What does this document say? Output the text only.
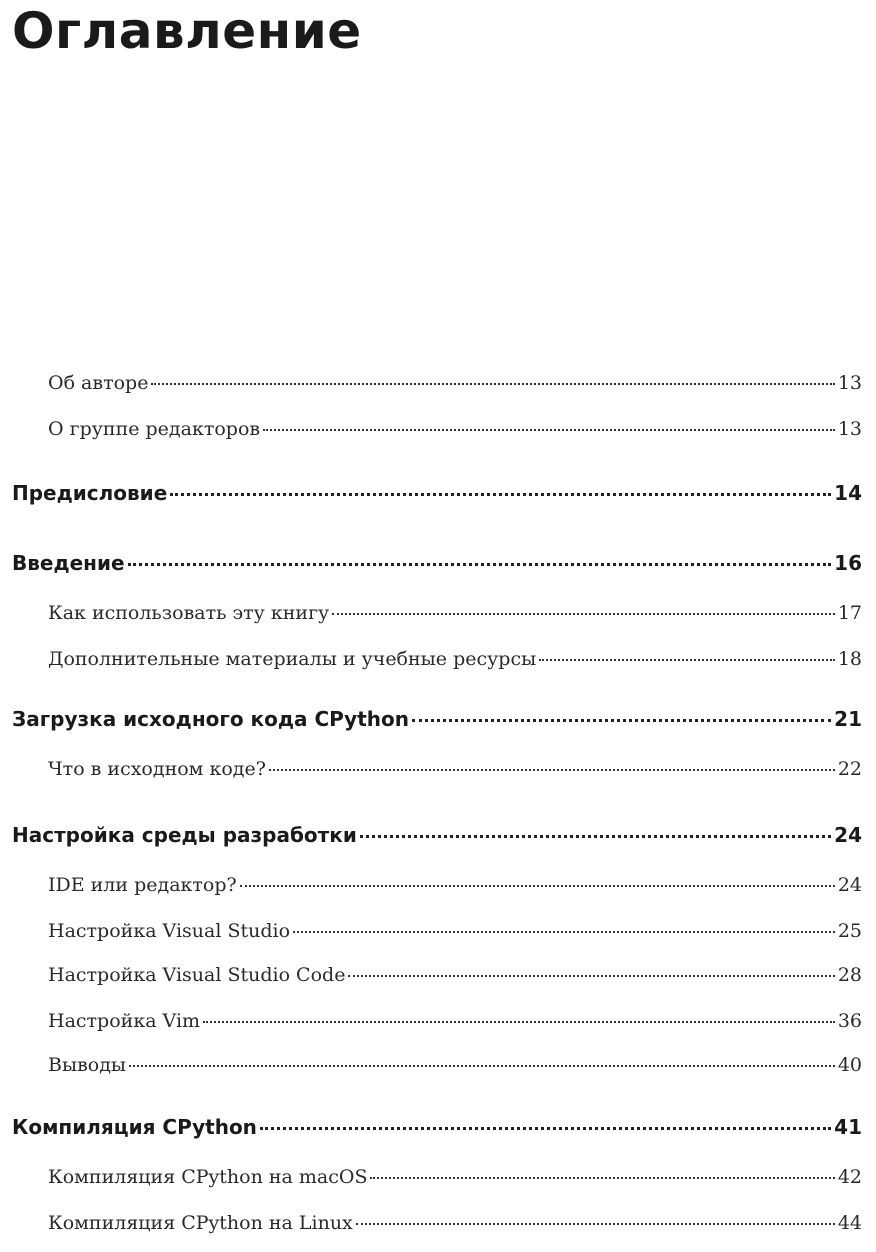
Оглавление
Об авторе	13
О группе редакторов	13
Предисловие	14
Введение	16
Как использовать эту книгу	17
Дополнительные материалы и учебные ресурсы	18
Загрузка исходного кода CPython	21
Что в исходном коде?	22
Настройка среды разработки	24
IDE или редактор?	24
Настройка Visual Studio	25
Настройка Visual Studio Code	28
Настройка Vim	36
Выводы	40
Компиляция CPython	41
Компиляция CPython на macOS	42
Компиляция CPython на Linux	44
